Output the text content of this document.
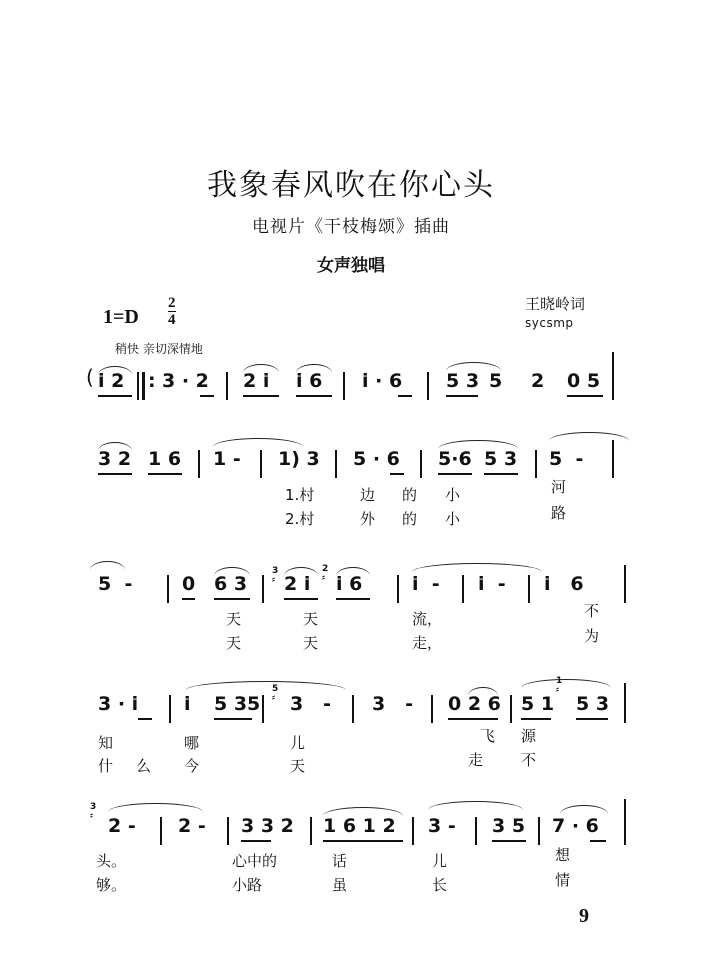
我象春风吹在你心头
电视片《干枝梅颂》插曲
女声独唱
1=D
2
4
王晓岭词
sycsmp
稍快 亲切深情地
( i 2 : 3 · 2 2 i i 6 i · 6 5 3 5 2 0 5
3 2 1 6 1 - 1) 3 5 · 6 5·6 5 3 5  -
1.村	边 的 小	河
2.村	外 的 小	路
5  -	0 6 3
3
⸗ 2 i
2
⸗ i 6	i  - i  - i   6
天	天	流，	不
天	天	走，	为
3 · i i 5 35
5
⸗ 3   - 3   - 0 2 6 5 1
1
⸗
5 3
知	哪	儿	飞 源
什 么 今	天	走	不
3
⸗ 2 - 2 - 3 3 2 1 6 1 2 3 - 3 5 7 · 6
头。	心中的	话	儿	想
够。	小路	虽	长	情
9
